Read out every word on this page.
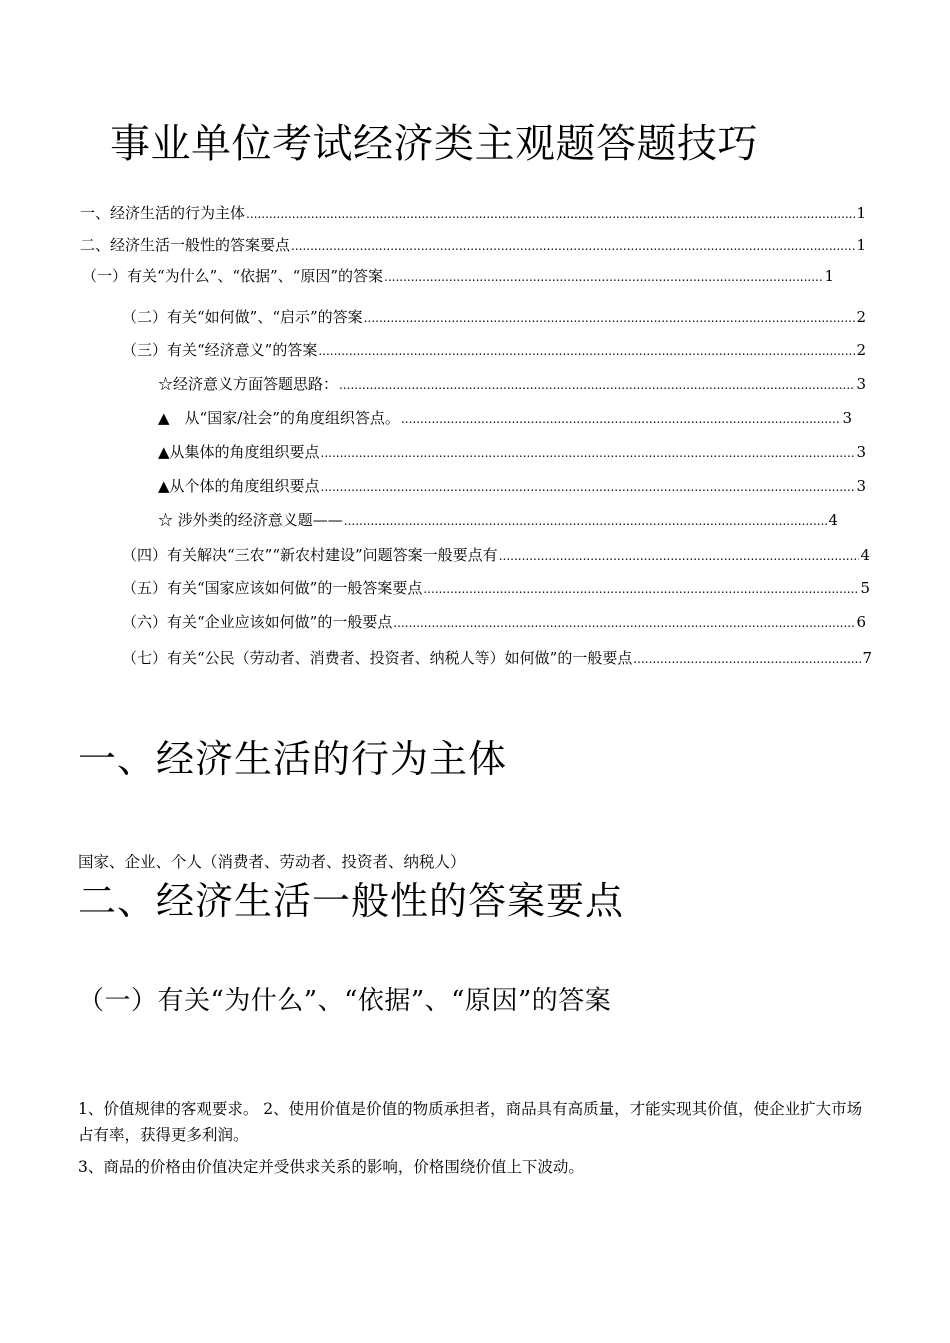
事业单位考试经济类主观题答题技巧
一、经济生活的行为主体 .....	1
二、经济生活一般性的答案要点 .....	1
（一）有关“为什么”、“依据”、“原因”的答案 .....	1
（二）有关“如何做”、“启示”的答案 .....	2
（三）有关“经济意义”的答案 .....	2
☆经济意义方面答题思路： .....	3
▲　从“国家/社会”的角度组织答点。 .....	3
▲从集体的角度组织要点 .....	3
▲从个体的角度组织要点 .....	3
☆ 涉外类的经济意义题—— .....	4
（四）有关解决“三农”“新农村建设”问题答案一般要点有 .....	4
（五）有关“国家应该如何做”的一般答案要点 .....	5
（六）有关“企业应该如何做”的一般要点 .....	6
（七）有关“公民（劳动者、消费者、投资者、纳税人等）如何做”的一般要点 .....	7
一、经济生活的行为主体

国家、企业、个人（消费者、劳动者、投资者、纳税人）

二、经济生活一般性的答案要点
（一）有关“为什么”、“依据”、“原因”的答案

1、价值规律的客观要求。 2、使用价值是价值的物质承担者，商品具有高质量，才能实现其价值，使企业扩大市场占有率，获得更多利润。

3、商品的价格由价值决定并受供求关系的影响，价格围绕价值上下波动。
